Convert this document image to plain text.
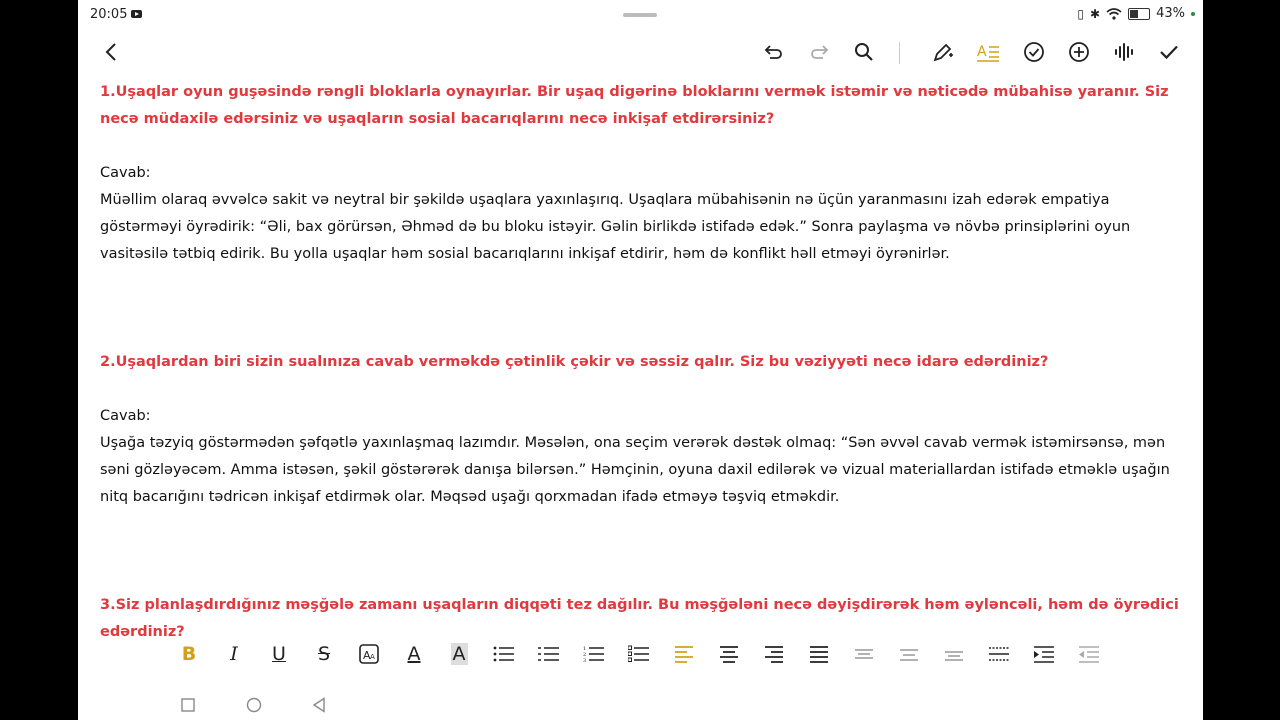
20:05	▯ ✱	43%
A

1.Uşaqlar oyun guşəsində rəngli bloklarla oynayırlar. Bir uşaq digərinə bloklarını vermək istəmir və nəticədə mübahisə yaranır. Siz necə müdaxilə edərsiniz və uşaqların sosial bacarıqlarını necə inkişaf etdirərsiniz?

Cavab:

Müəllim olaraq əvvəlcə sakit və neytral bir şəkildə uşaqlara yaxınlaşırıq. Uşaqlara mübahisənin nə üçün yaranmasını izah edərək empatiya göstərməyi öyrədirik: “Əli, bax görürsən, Əhməd də bu bloku istəyir. Gəlin birlikdə istifadə edək.” Sonra paylaşma və növbə prinsiplərini oyun vasitəsilə tətbiq edirik. Bu yolla uşaqlar həm sosial bacarıqlarını inkişaf etdirir, həm də konflikt həll etməyi öyrənirlər.

2.Uşaqlardan biri sizin sualınıza cavab verməkdə çətinlik çəkir və səssiz qalır. Siz bu vəziyyəti necə idarə edərdiniz?

Cavab:

Uşağa təzyiq göstərmədən şəfqətlə yaxınlaşmaq lazımdır. Məsələn, ona seçim verərək dəstək olmaq: “Sən əvvəl cavab vermək istəmirsənsə, mən səni gözləyəcəm. Amma istəsən, şəkil göstərərək danışa bilərsən.” Həmçinin, oyuna daxil edilərək və vizual materiallardan istifadə etməklə uşağın nitq bacarığını tədricən inkişaf etdirmək olar. Məqsəd uşağı qorxmadan ifadə etməyə təşviq etməkdir.

3.Siz planlaşdırdığınız məşğələ zamanı uşaqların diqqəti tez dağılır. Bu məşğələni necə dəyişdirərək həm əyləncəli, həm də öyrədici edərdiniz?

B	I	U	S	A A A A	1
2
3
